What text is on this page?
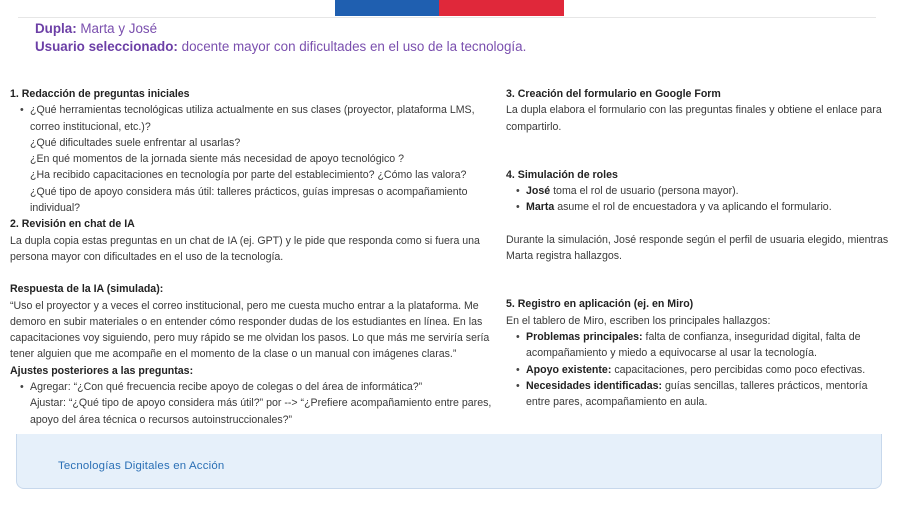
Dupla: Marta y José
Usuario seleccionado: docente mayor con dificultades en el uso de la tecnología.
1. Redacción de preguntas iniciales
• ¿Qué herramientas tecnológicas utiliza actualmente en sus clases (proyector, plataforma LMS, correo institucional, etc.)?
¿Qué dificultades suele enfrentar al usarlas?
¿En qué momentos de la jornada siente más necesidad de apoyo tecnológico ?
¿Ha recibido capacitaciones en tecnología por parte del establecimiento? ¿Cómo las valora?
¿Qué tipo de apoyo considera más útil: talleres prácticos, guías impresas o acompañamiento individual?
2. Revisión en chat de IA
La dupla copia estas preguntas en un chat de IA (ej. GPT) y le pide que responda como si fuera una persona mayor con dificultades en el uso de la tecnología.
Respuesta de la IA (simulada):
“Uso el proyector y a veces el correo institucional, pero me cuesta mucho entrar a la plataforma. Me demoro en subir materiales o en entender cómo responder dudas de los estudiantes en línea. En las capacitaciones voy siguiendo, pero muy rápido se me olvidan los pasos. Lo que más me serviría sería tener alguien que me acompañe en el momento de la clase o un manual con imágenes claras.”
Ajustes posteriores a las preguntas:
• Agregar: “¿Con qué frecuencia recibe apoyo de colegas o del área de informática?”
Ajustar: “¿Qué tipo de apoyo considera más útil?” por --> “¿Prefiere acompañamiento entre pares, apoyo del área técnica o recursos autoinstruccionales?”
3. Creación del formulario en Google Form
La dupla elabora el formulario con las preguntas finales y obtiene el enlace para compartirlo.
4. Simulación de roles
• José toma el rol de usuario (persona mayor).
• Marta asume el rol de encuestadora y va aplicando el formulario.
Durante la simulación, José responde según el perfil de usuaria elegido, mientras Marta registra hallazgos.
5. Registro en aplicación (ej. en Miro)
En el tablero de Miro, escriben los principales hallazgos:
• Problemas principales: falta de confianza, inseguridad digital, falta de acompañamiento y miedo a equivocarse al usar la tecnología.
• Apoyo existente: capacitaciones, pero percibidas como poco efectivas.
• Necesidades identificadas: guías sencillas, talleres prácticos, mentoría entre pares, acompañamiento en aula.
Tecnologías Digitales en Acción
